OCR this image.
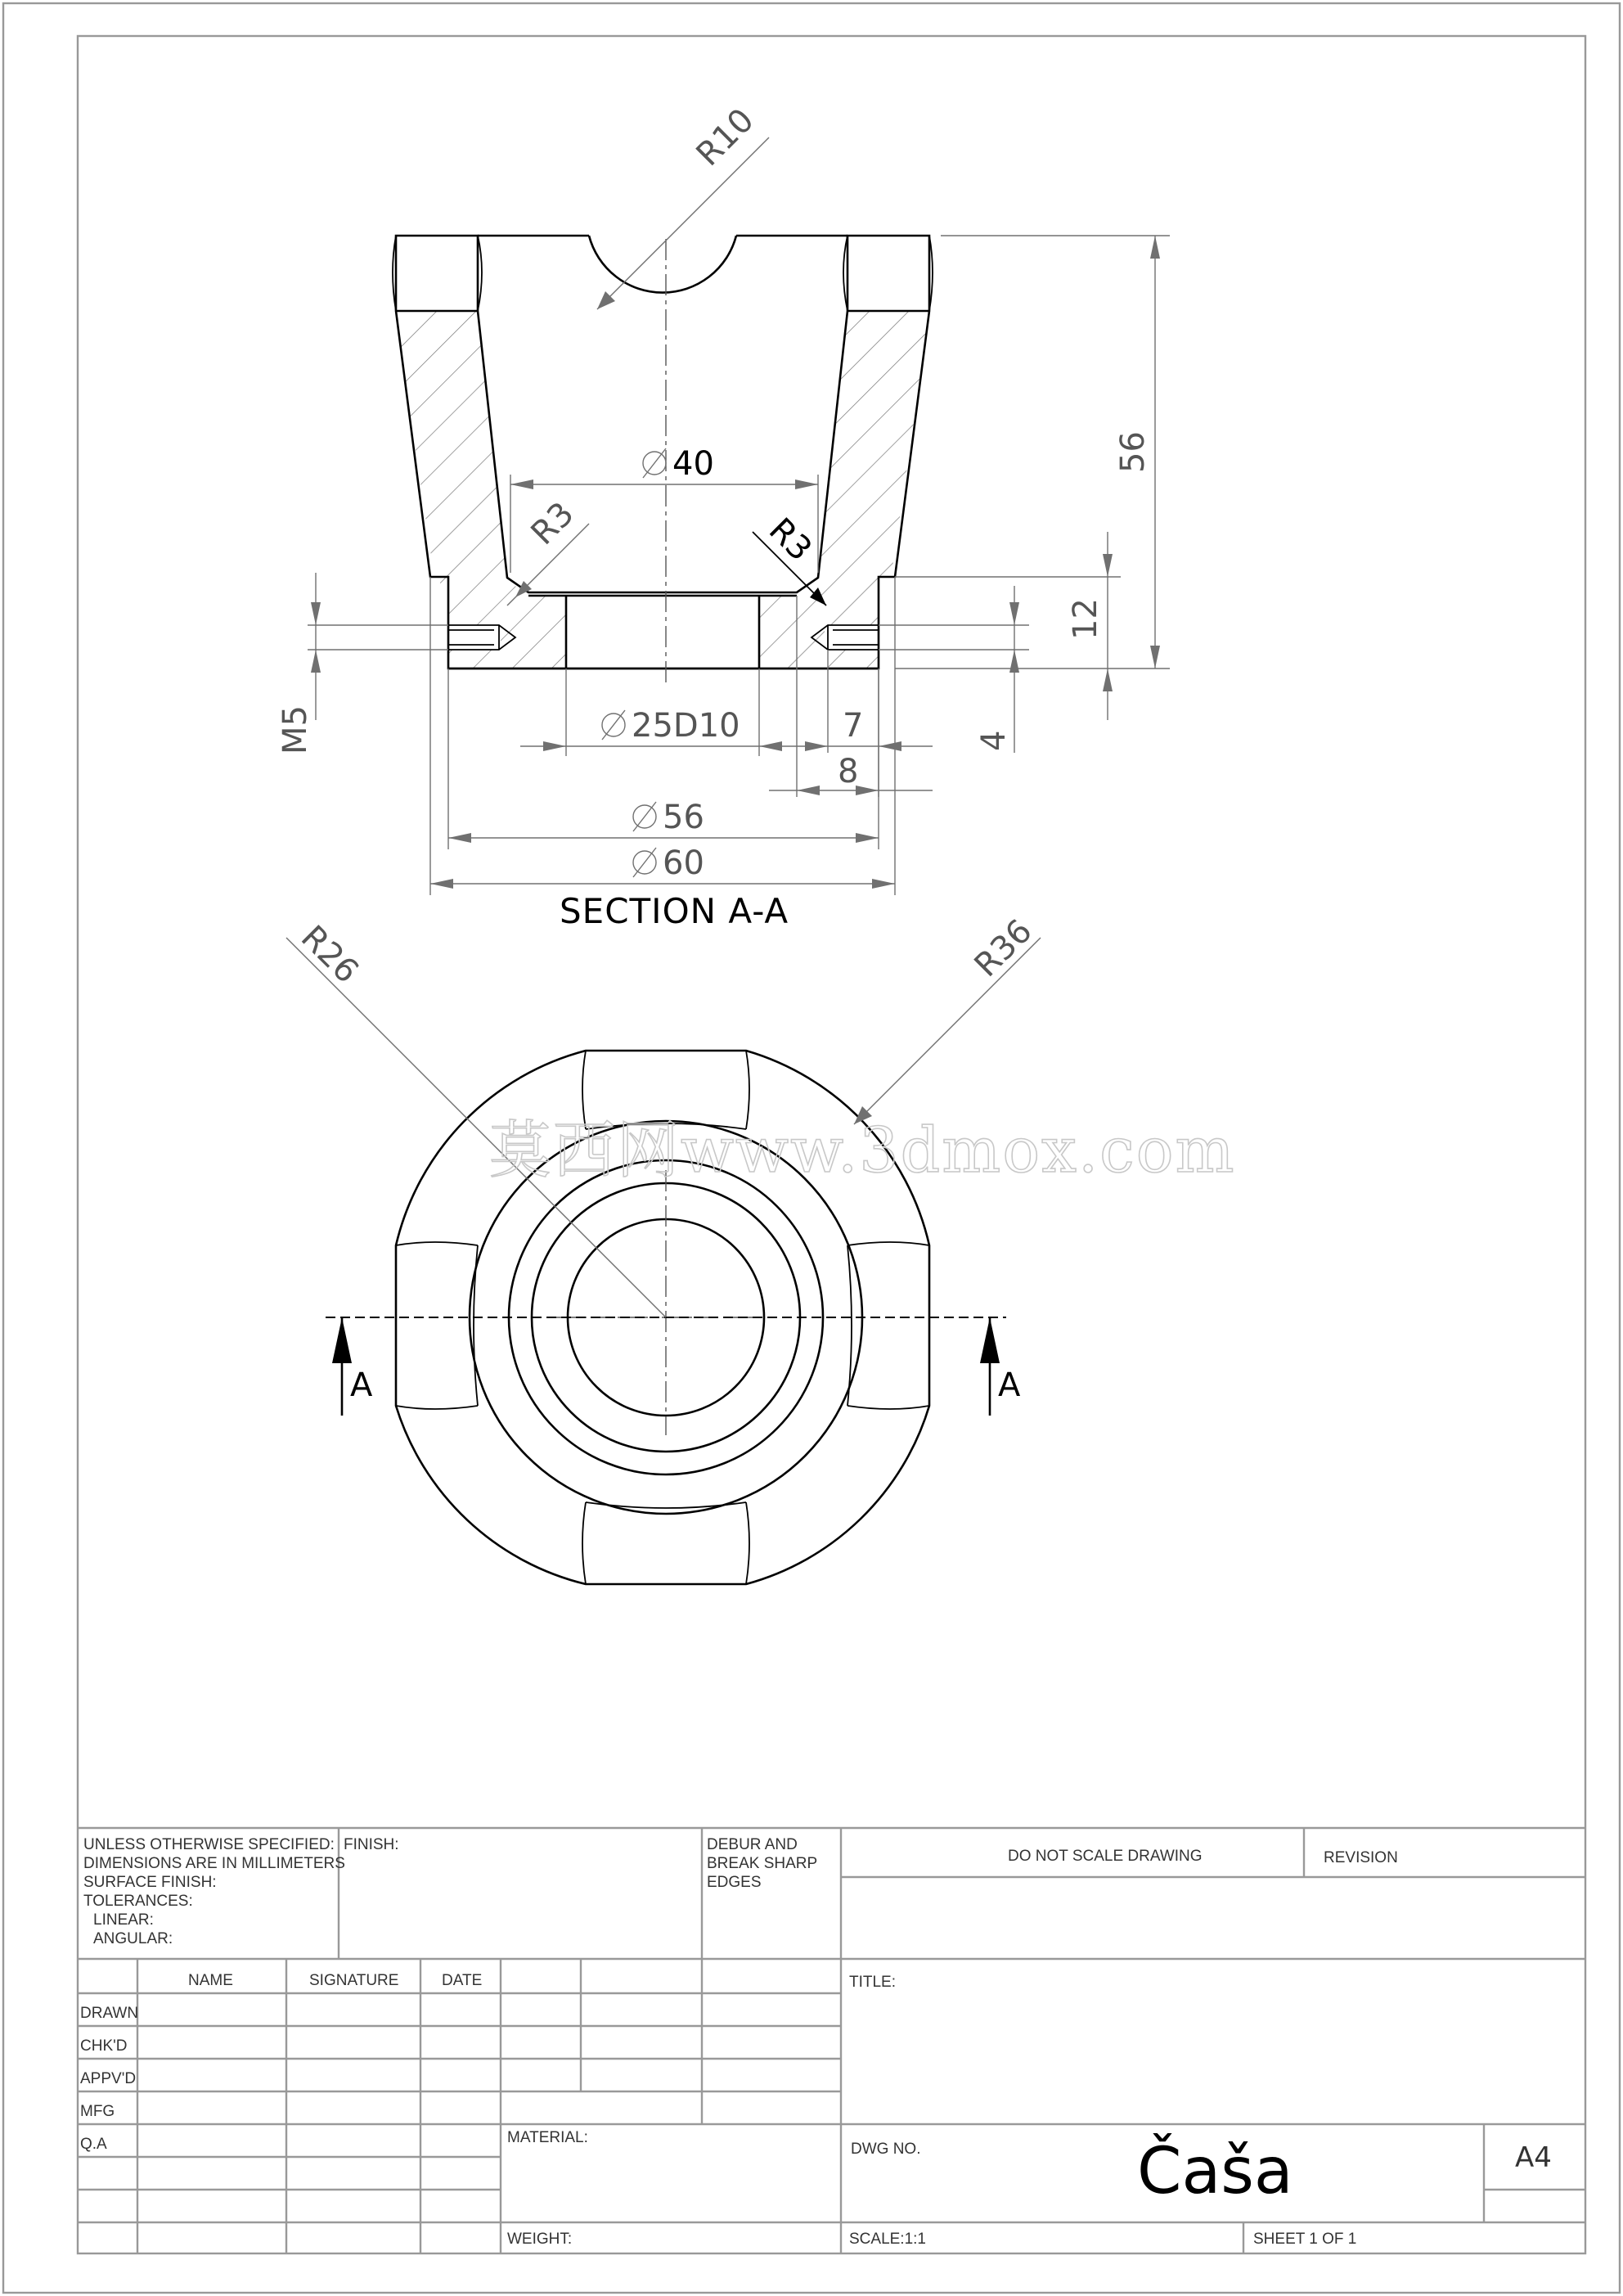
R10
40
R3	R3
56
12
4
M5	25D10	7
8
56
60
SECTION A-A
A	A
R26	R36
莫西网www.3dmox.com
UNLESS OTHERWISE SPECIFIED:
DIMENSIONS ARE IN MILLIMETERS
SURFACE FINISH:
TOLERANCES:
LINEAR:
ANGULAR:
FINISH:	DEBUR AND
BREAK SHARP
EDGES
DO NOT SCALE DRAWING	REVISION
NAME	SIGNATURE	DATE
DRAWN
CHK'D
APPV'D
MFG
Q.A
TITLE:
MATERIAL:
WEIGHT:
DWG NO.	Čaša	A4
SCALE:1:1	SHEET 1 OF 1
